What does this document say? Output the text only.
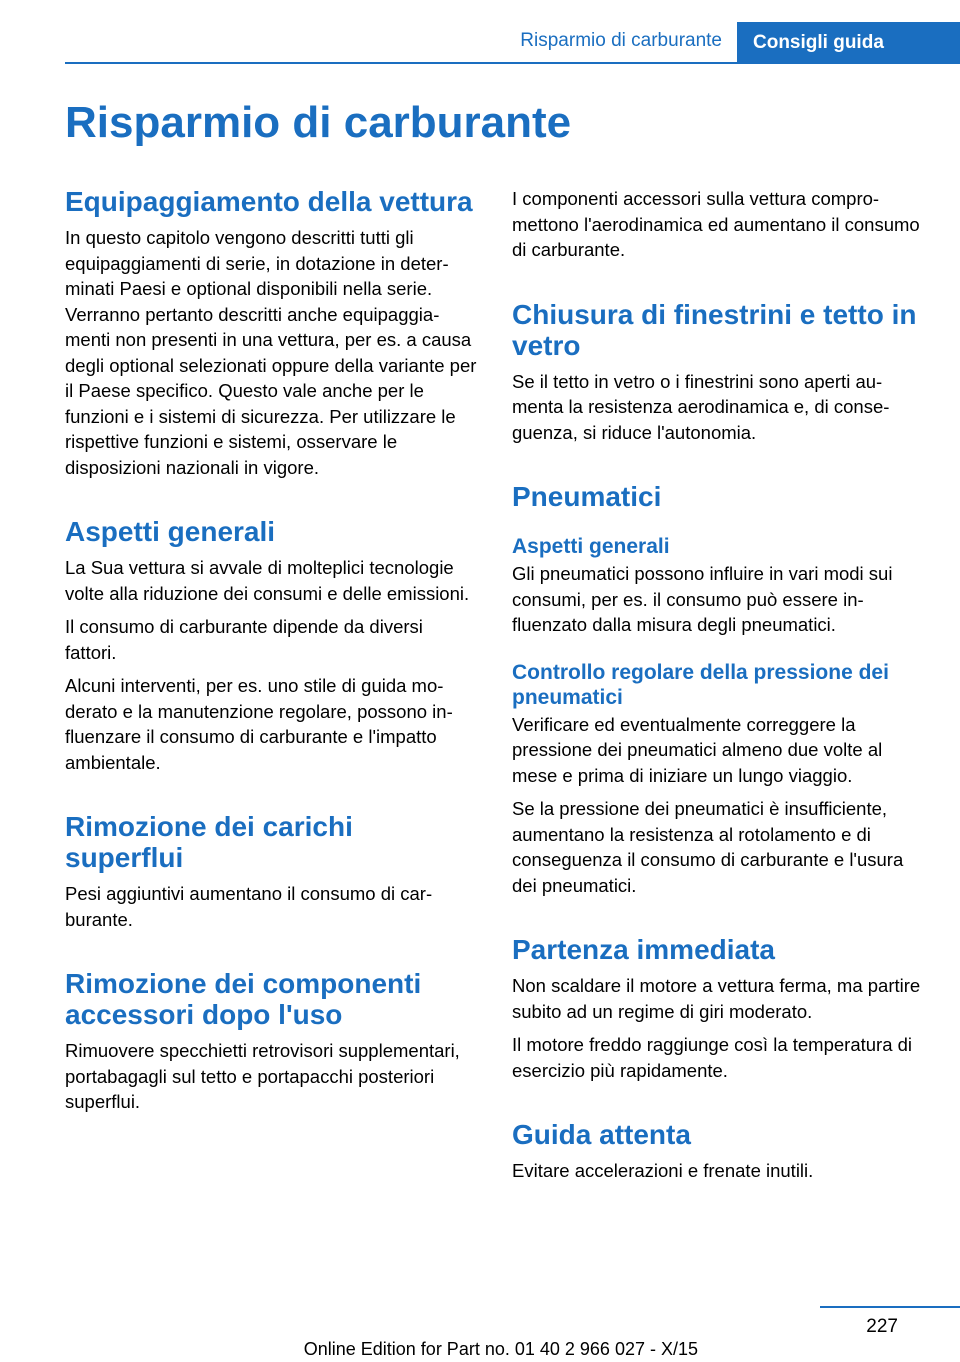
Risparmio di carburante	Consigli guida
Risparmio di carburante
Equipaggiamento della vettura

In questo capitolo vengono descritti tutti gli equipaggiamenti di serie, in dotazione in determinati Paesi e optional disponibili nella serie. Verranno pertanto descritti anche equipaggiamenti non presenti in una vettura, per es. a causa degli optional selezionati oppure della variante per il Paese specifico. Questo vale anche per le funzioni e i sistemi di sicurezza. Per utilizzare le rispettive funzioni e sistemi, osservare le disposizioni nazionali in vigore.

Aspetti generali

La Sua vettura si avvale di molteplici tecnologie volte alla riduzione dei consumi e delle emissioni.

Il consumo di carburante dipende da diversi fattori.

Alcuni interventi, per es. uno stile di guida moderato e la manutenzione regolare, possono influenzare il consumo di carburante e l'impatto ambientale.

Rimozione dei carichi superflui

Pesi aggiuntivi aumentano il consumo di carburante.

Rimozione dei componenti accessori dopo l'uso

Rimuovere specchietti retrovisori supplementari, portabagagli sul tetto e portapacchi posteriori superflui.

I componenti accessori sulla vettura compromettono l'aerodinamica ed aumentano il consumo di carburante.

Chiusura di finestrini e tetto in vetro

Se il tetto in vetro o i finestrini sono aperti aumenta la resistenza aerodinamica e, di conseguenza, si riduce l'autonomia.

Pneumatici
Aspetti generali

Gli pneumatici possono influire in vari modi sui consumi, per es. il consumo può essere influenzato dalla misura degli pneumatici.

Controllo regolare della pressione dei pneumatici

Verificare ed eventualmente correggere la pressione dei pneumatici almeno due volte al mese e prima di iniziare un lungo viaggio.

Se la pressione dei pneumatici è insufficiente, aumentano la resistenza al rotolamento e di conseguenza il consumo di carburante e l'usura dei pneumatici.

Partenza immediata

Non scaldare il motore a vettura ferma, ma partire subito ad un regime di giri moderato.

Il motore freddo raggiunge così la temperatura di esercizio più rapidamente.

Guida attenta

Evitare accelerazioni e frenate inutili.

227
Online Edition for Part no. 01 40 2 966 027 - X/15
